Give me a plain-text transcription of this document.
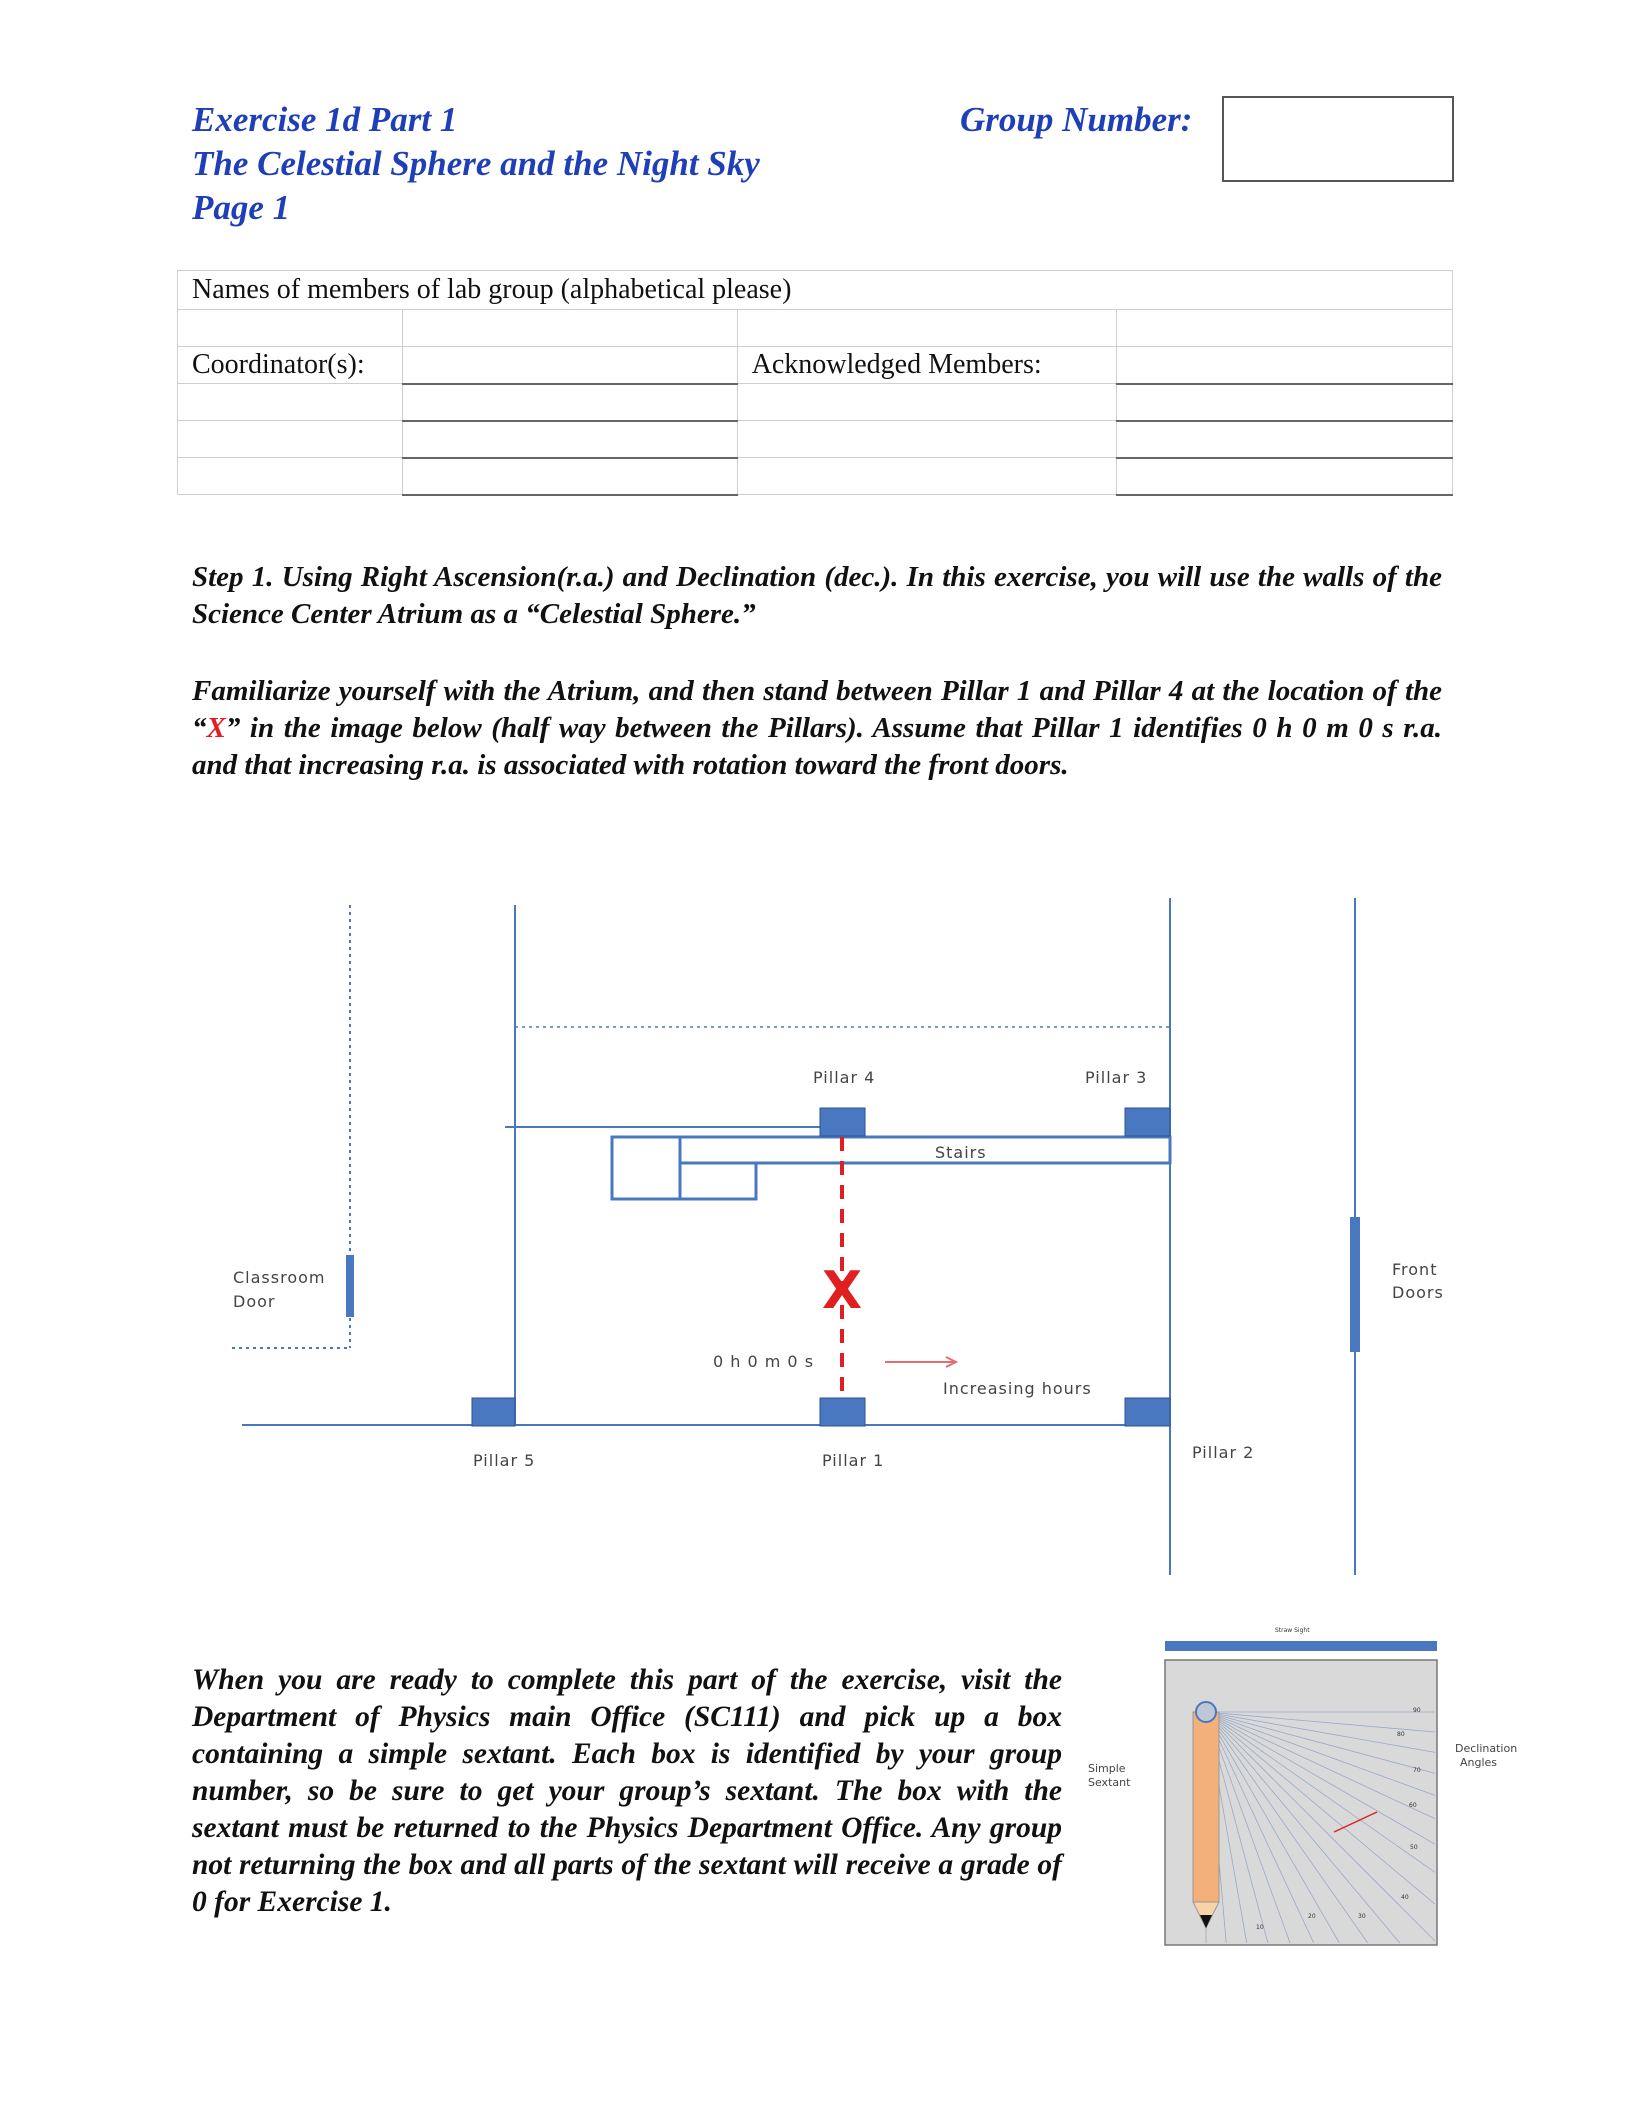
Exercise 1d Part 1
The Celestial Sphere and the Night Sky
Page 1
Group Number:
Names of members of lab group (alphabetical please)			

Coordinator(s):		Acknowledged Members:	

Step 1. Using Right Ascension(r.a.) and Declination (dec.). In this exercise, you will use the walls of the Science Center Atrium as a “Celestial Sphere.”
Familiarize yourself with the Atrium, and then stand between Pillar 1 and Pillar 4 at the location of the “X” in the image below (half way between the Pillars). Assume that Pillar 1 identifies 0 h 0 m 0 s r.a. and that increasing r.a. is associated with rotation toward the front doors.
X
Pillar 4	Pillar 3
Stairs
Classroom
Door
Front
Doors
0 h 0 m 0 s
Increasing hours
Pillar 5	Pillar 1	Pillar 2
Straw Sight
Simple
Sextant
Declination
Angles
90
80
70
60
50
40
10
20	30
When you are ready to complete this part of the exercise, visit the Department of Physics main Office (SC111) and pick up a box containing a simple sextant. Each box is identified by your group number, so be sure to get your group’s sextant. The box with the sextant must be returned to the Physics Department Office. Any group not returning the box and all parts of the sextant will receive a grade of 0 for Exercise 1.
